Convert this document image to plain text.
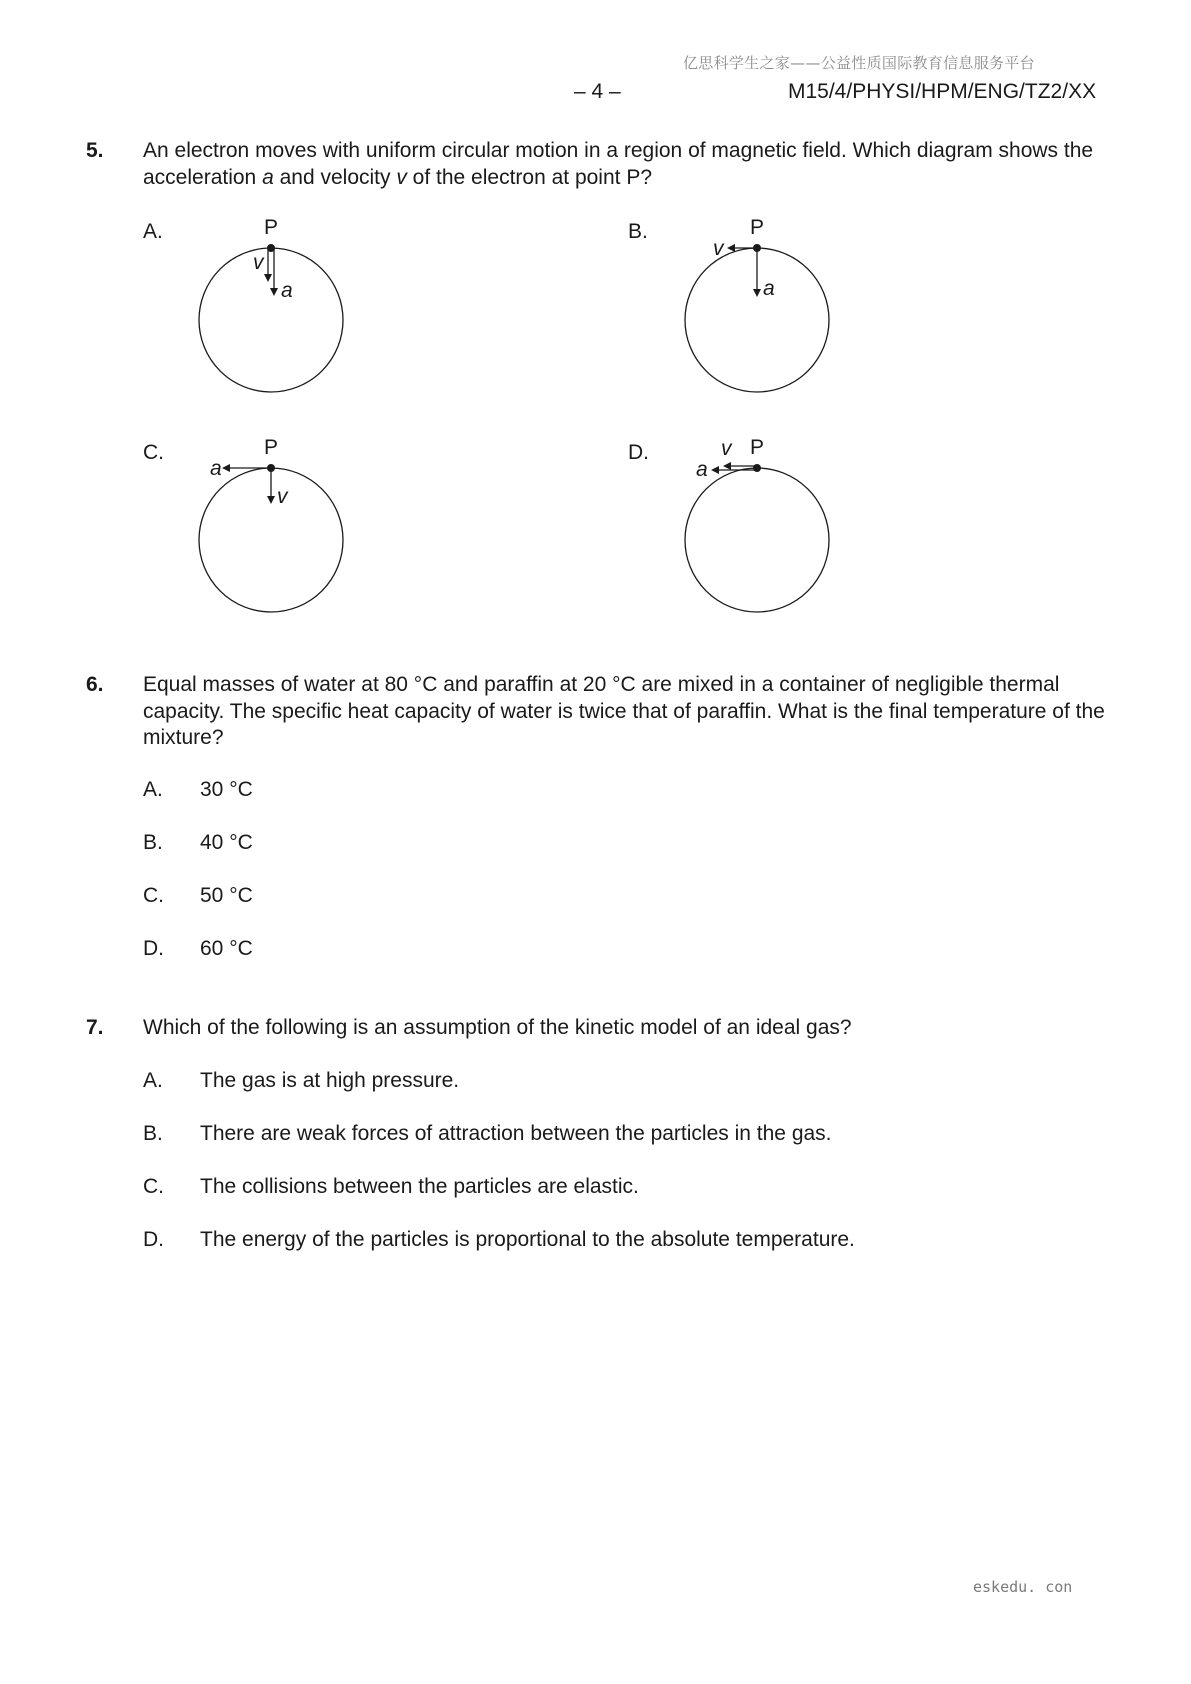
亿思科学生之家——公益性质国际教育信息服务平台
– 4 –	M15/4/PHYSI/HPM/ENG/TZ2/XX
5. An electron moves with uniform circular motion in a region of magnetic field. Which diagram shows the acceleration a and velocity v of the electron at point P?
A.	P
v
a
B.	P
v
a
C.	P
a
v
D.	P
v
a
6. Equal masses of water at 80 °C and paraffin at 20 °C are mixed in a container of negligible thermal capacity. The specific heat capacity of water is twice that of paraffin. What is the final temperature of the mixture?
A. 30 °C
B. 40 °C
C. 50 °C
D. 60 °C
7. Which of the following is an assumption of the kinetic model of an ideal gas?
A. The gas is at high pressure.
B. There are weak forces of attraction between the particles in the gas.
C. The collisions between the particles are elastic.
D. The energy of the particles is proportional to the absolute temperature.
eskedu. con
